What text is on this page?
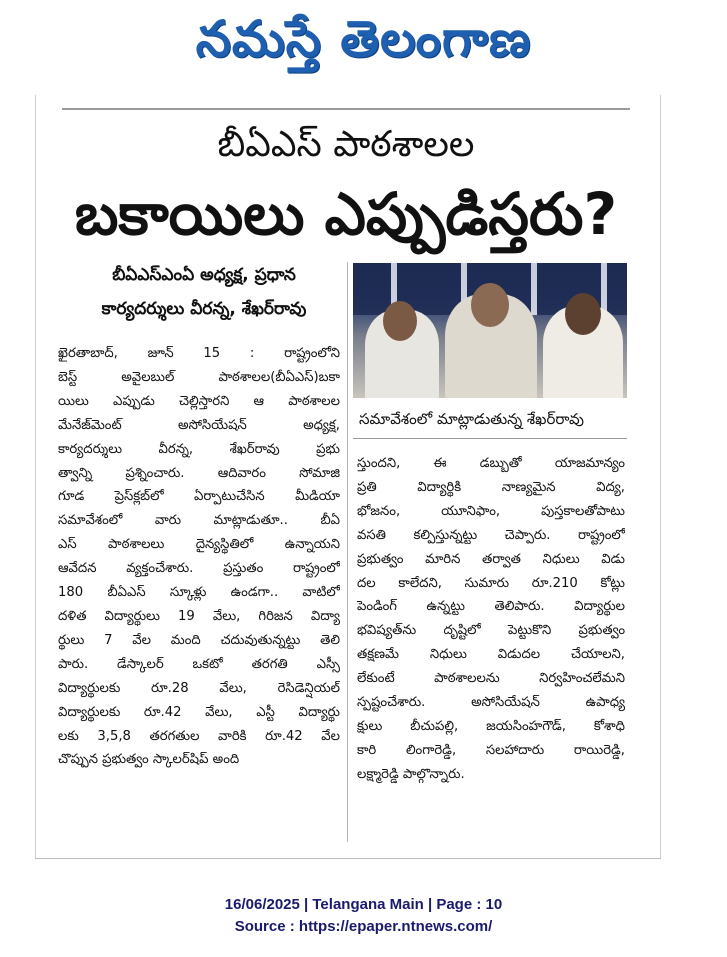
నమస్తే తెలంగాణ
బీఏఎస్ పాఠశాలల
బకాయిలు ఎప్పుడిస్తరు?
బీఏఎస్ఎంఏ అధ్యక్ష, ప్రధాన
కార్యదర్శులు వీరన్న, శేఖర్‌రావు
సమావేశంలో మాట్లాడుతున్న శేఖర్‌రావు
ఖైరతాబాద్, జూన్ 15 : రాష్ట్రంలోని
బెస్ట్ అవైలబుల్ పాఠశాలల(బీఏఎస్)బకా
యిలు ఎప్పుడు చెల్లిస్తారని ఆ పాఠశాలల
మేనేజ్‌మెంట్ అసోసియేషన్ అధ్యక్ష,
కార్యదర్శులు వీరన్న, శేఖర్‌రావు ప్రభు
త్వాన్ని ప్రశ్నించారు. ఆదివారం సోమాజి
గూడ ప్రెస్‌క్లబ్‌లో ఏర్పాటుచేసిన మీడియా
సమావేశంలో వారు మాట్లాడుతూ.. బీఏ
ఎస్ పాఠశాలలు దైన్యస్థితిలో ఉన్నాయని
ఆవేదన వ్యక్తంచేశారు. ప్రస్తుతం రాష్ట్రంలో
180 బీఏఎస్ స్కూళ్లు ఉండగా.. వాటిలో
దళిత విద్యార్థులు 19 వేలు, గిరిజన విద్యా
ర్థులు 7 వేల మంది చదువుతున్నట్టు తెలి
పారు. డేస్కాలర్ ఒకటో తరగతి ఎస్సీ
విద్యార్థులకు రూ.28 వేలు, రెసిడెన్షియల్
విద్యార్థులకు రూ.42 వేలు, ఎస్టీ విద్యార్థు
లకు 3,5,8 తరగతుల వారికి రూ.42 వేల
చొప్పున ప్రభుత్వం స్కాలర్‌షిప్ అంది
స్తుందని, ఈ డబ్బుతో యాజమాన్యం
ప్రతి విద్యార్థికి నాణ్యమైన విద్య,
భోజనం, యూనిఫాం, పుస్తకాలతోపాటు
వసతి కల్పిస్తున్నట్టు చెప్పారు. రాష్ట్రంలో
ప్రభుత్వం మారిన తర్వాత నిధులు విడు
దల కాలేదని, సుమారు రూ.210 కోట్లు
పెండింగ్ ఉన్నట్టు తెలిపారు. విద్యార్థుల
భవిష్యత్‌ను దృష్టిలో పెట్టుకొని ప్రభుత్వం
తక్షణమే నిధులు విడుదల చేయాలని,
లేకుంటే పాఠశాలలను నిర్వహించలేమని
స్పష్టంచేశారు. అసోసియేషన్ ఉపాధ్య
క్షులు బీచుపల్లి, జయసింహగౌడ్, కోశాధి
కారి లింగారెడ్డి, సలహాదారు రాయిరెడ్డి,
లక్ష్మారెడ్డి పాల్గొన్నారు.
16/06/2025 | Telangana Main | Page : 10
Source : https://epaper.ntnews.com/
